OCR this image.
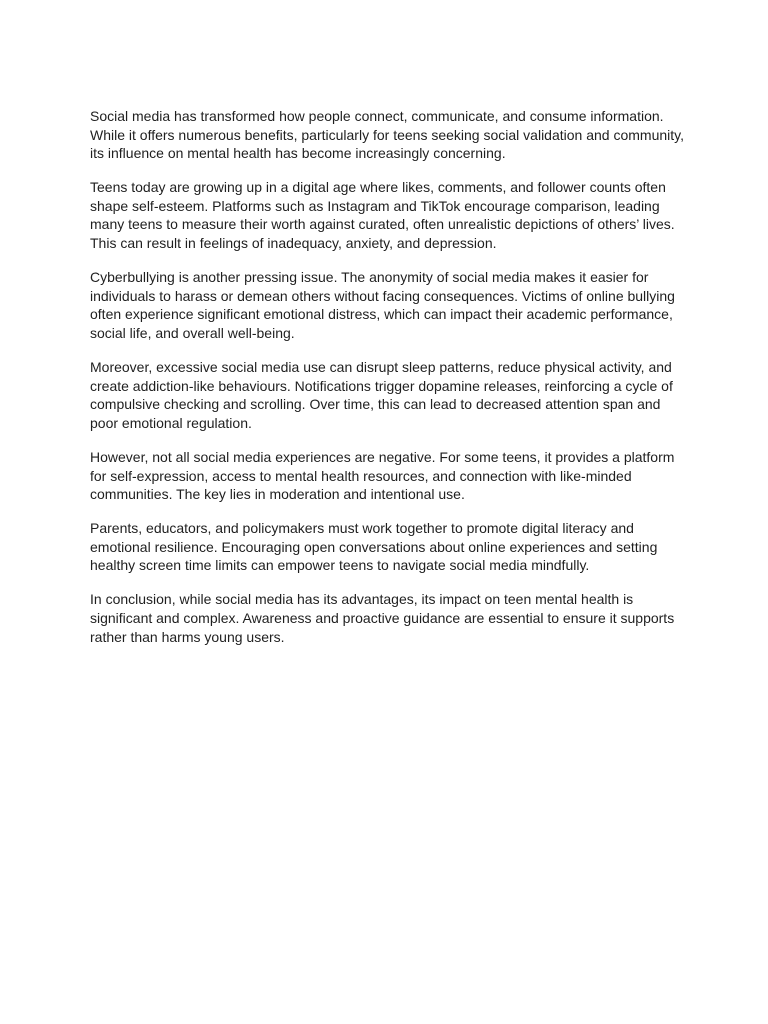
Social media has transformed how people connect, communicate, and consume information. While it offers numerous benefits, particularly for teens seeking social validation and community, its influence on mental health has become increasingly concerning.

Teens today are growing up in a digital age where likes, comments, and follower counts often shape self-esteem. Platforms such as Instagram and TikTok encourage comparison, leading many teens to measure their worth against curated, often unrealistic depictions of others’ lives. This can result in feelings of inadequacy, anxiety, and depression.

Cyberbullying is another pressing issue. The anonymity of social media makes it easier for individuals to harass or demean others without facing consequences. Victims of online bullying often experience significant emotional distress, which can impact their academic performance, social life, and overall well-being.

Moreover, excessive social media use can disrupt sleep patterns, reduce physical activity, and create addiction-like behaviours. Notifications trigger dopamine releases, reinforcing a cycle of compulsive checking and scrolling. Over time, this can lead to decreased attention span and poor emotional regulation.

However, not all social media experiences are negative. For some teens, it provides a platform for self-expression, access to mental health resources, and connection with like-minded communities. The key lies in moderation and intentional use.

Parents, educators, and policymakers must work together to promote digital literacy and emotional resilience. Encouraging open conversations about online experiences and setting healthy screen time limits can empower teens to navigate social media mindfully.

In conclusion, while social media has its advantages, its impact on teen mental health is significant and complex. Awareness and proactive guidance are essential to ensure it supports rather than harms young users.
